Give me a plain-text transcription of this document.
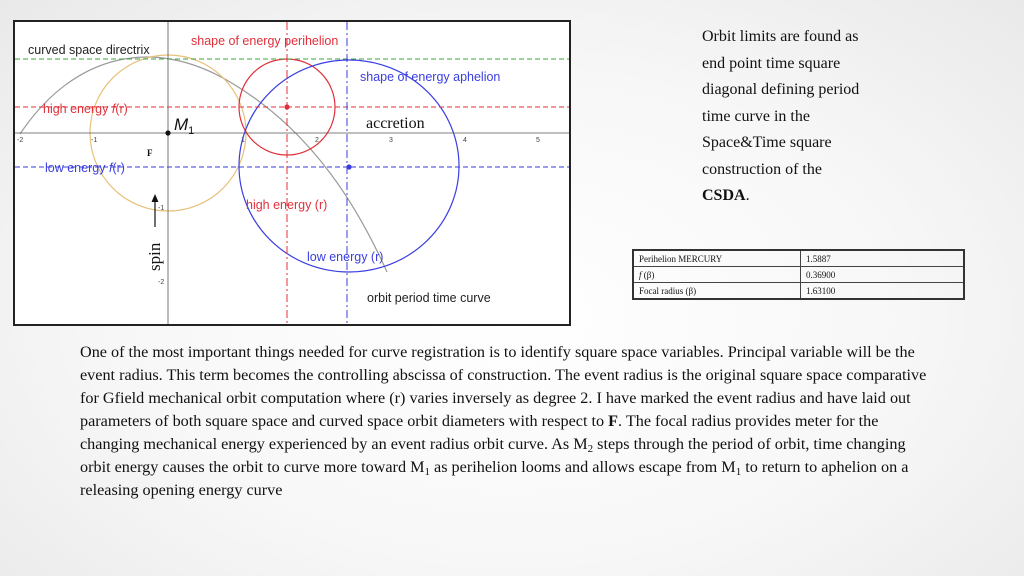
-2	-1	1	2	3	4	5
-1
-2
curved space directrix
shape of energy perihelion
shape of energy aphelion
high energy f(r)
low energy f(r)
high energy (r)
low energy (r)
orbit period time curve
$M_1$	accretion
F
spin
Orbit limits are found as
end point time square
diagonal defining period
time curve in the
Space&Time square
construction of the
CSDA.
Perihelion MERCURY	1.5887
f (β)	0.36900
Focal radius (β)	1.63100
One of the most important things needed for curve registration is to identify square space variables. Principal variable will be the event radius. This term becomes the controlling abscissa of construction. The event radius is the original square space comparative for Gfield mechanical orbit computation where (r) varies inversely as degree 2. I have marked the event radius and have laid out parameters of both square space and curved space orbit diameters with respect to F. The focal radius provides meter for the changing mechanical energy experienced by an event radius orbit curve. As $M_2$ steps through the period of orbit, time changing orbit energy causes the orbit to curve more toward $M_1$ as perihelion looms and allows escape from $M_1$ to return to aphelion on a releasing opening energy curve
